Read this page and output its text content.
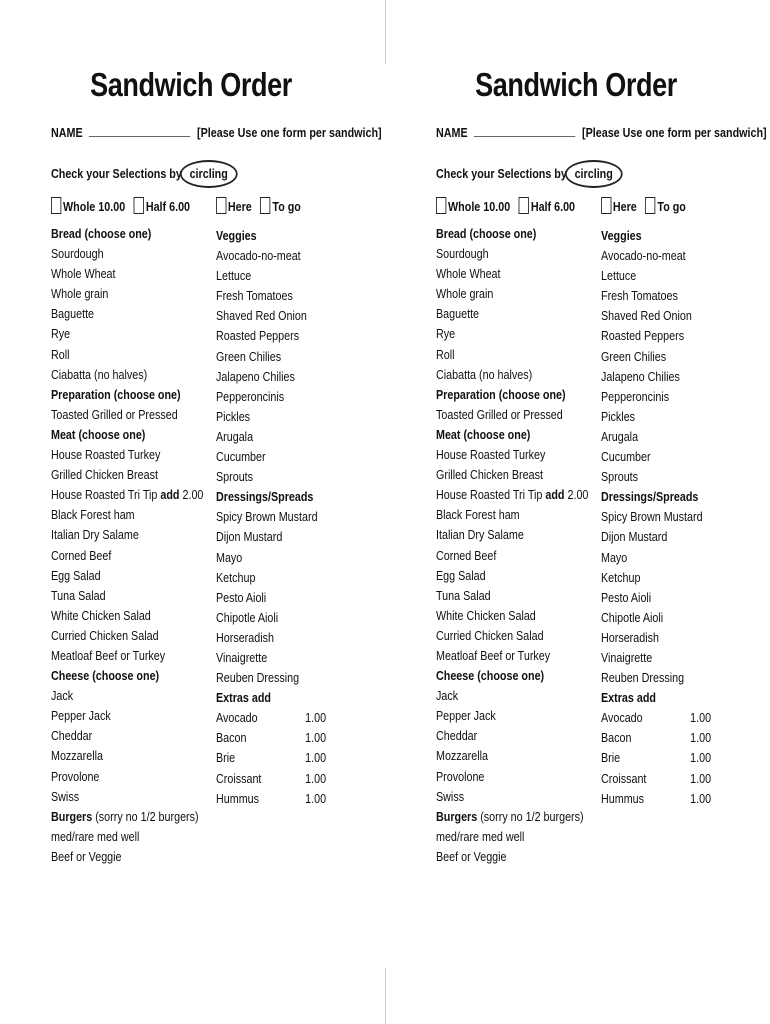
Sandwich Order
NAME	[Please Use one form per sandwich]
Check your Selections by circling
Whole 10.00 Half 6.00	Here To go
Bread (choose one)
Sourdough
Whole Wheat
Whole grain
Baguette
Rye
Roll
Ciabatta (no halves)
Preparation (choose one)
Toasted Grilled or Pressed
Meat (choose one)
House Roasted Turkey
Grilled Chicken Breast
House Roasted Tri Tip add 2.00
Black Forest ham
Italian Dry Salame
Corned Beef
Egg Salad
Tuna Salad
White Chicken Salad
Curried Chicken Salad
Meatloaf Beef or Turkey
Cheese (choose one)
Jack
Pepper Jack
Cheddar
Mozzarella
Provolone
Swiss
Burgers (sorry no 1/2 burgers)
med/rare med well
Beef or Veggie
Veggies
Avocado-no-meat
Lettuce
Fresh Tomatoes
Shaved Red Onion
Roasted Peppers
Green Chilies
Jalapeno Chilies
Pepperoncinis
Pickles
Arugala
Cucumber
Sprouts
Dressings/Spreads
Spicy Brown Mustard
Dijon Mustard
Mayo
Ketchup
Pesto Aioli
Chipotle Aioli
Horseradish
Vinaigrette
Reuben Dressing
Extras add
Avocado	1.00
Bacon	1.00
Brie	1.00
Croissant	1.00
Hummus	1.00
Sandwich Order
NAME	[Please Use one form per sandwich]
Check your Selections by circling
Whole 10.00 Half 6.00	Here To go
Bread (choose one)
Sourdough
Whole Wheat
Whole grain
Baguette
Rye
Roll
Ciabatta (no halves)
Preparation (choose one)
Toasted Grilled or Pressed
Meat (choose one)
House Roasted Turkey
Grilled Chicken Breast
House Roasted Tri Tip add 2.00
Black Forest ham
Italian Dry Salame
Corned Beef
Egg Salad
Tuna Salad
White Chicken Salad
Curried Chicken Salad
Meatloaf Beef or Turkey
Cheese (choose one)
Jack
Pepper Jack
Cheddar
Mozzarella
Provolone
Swiss
Burgers (sorry no 1/2 burgers)
med/rare med well
Beef or Veggie
Veggies
Avocado-no-meat
Lettuce
Fresh Tomatoes
Shaved Red Onion
Roasted Peppers
Green Chilies
Jalapeno Chilies
Pepperoncinis
Pickles
Arugala
Cucumber
Sprouts
Dressings/Spreads
Spicy Brown Mustard
Dijon Mustard
Mayo
Ketchup
Pesto Aioli
Chipotle Aioli
Horseradish
Vinaigrette
Reuben Dressing
Extras add
Avocado	1.00
Bacon	1.00
Brie	1.00
Croissant	1.00
Hummus	1.00
